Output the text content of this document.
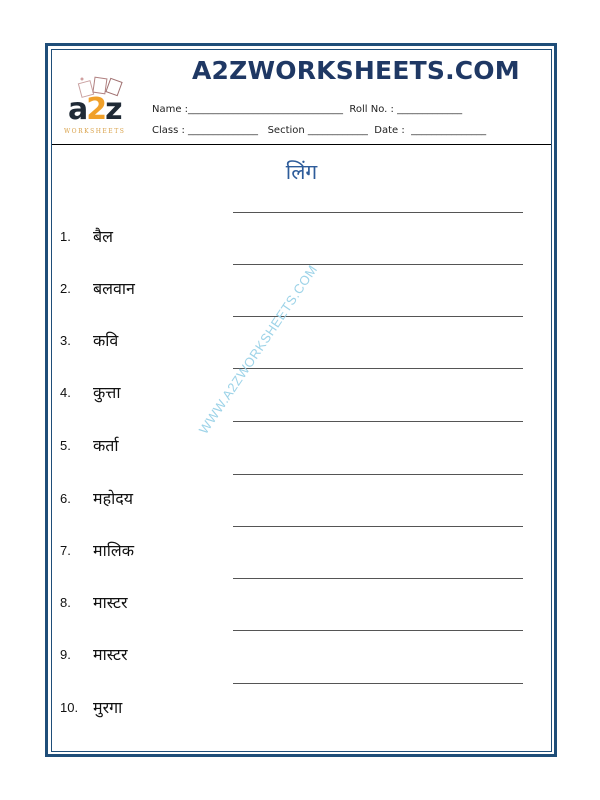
A2ZWORKSHEETS.COM
a2z
WORKSHEETS
Name :_______________________________  Roll No. : _____________
Class : ______________   Section ____________  Date :  _______________
लिंग
1. बैल
2. बलवान
3. कवि
4. कुत्ता
5. कर्ता
6. महोदय
7. मालिक
8. मास्टर
9. मास्टर
10. मुरगा
WWW.A2ZWORKSHEETS.COM
